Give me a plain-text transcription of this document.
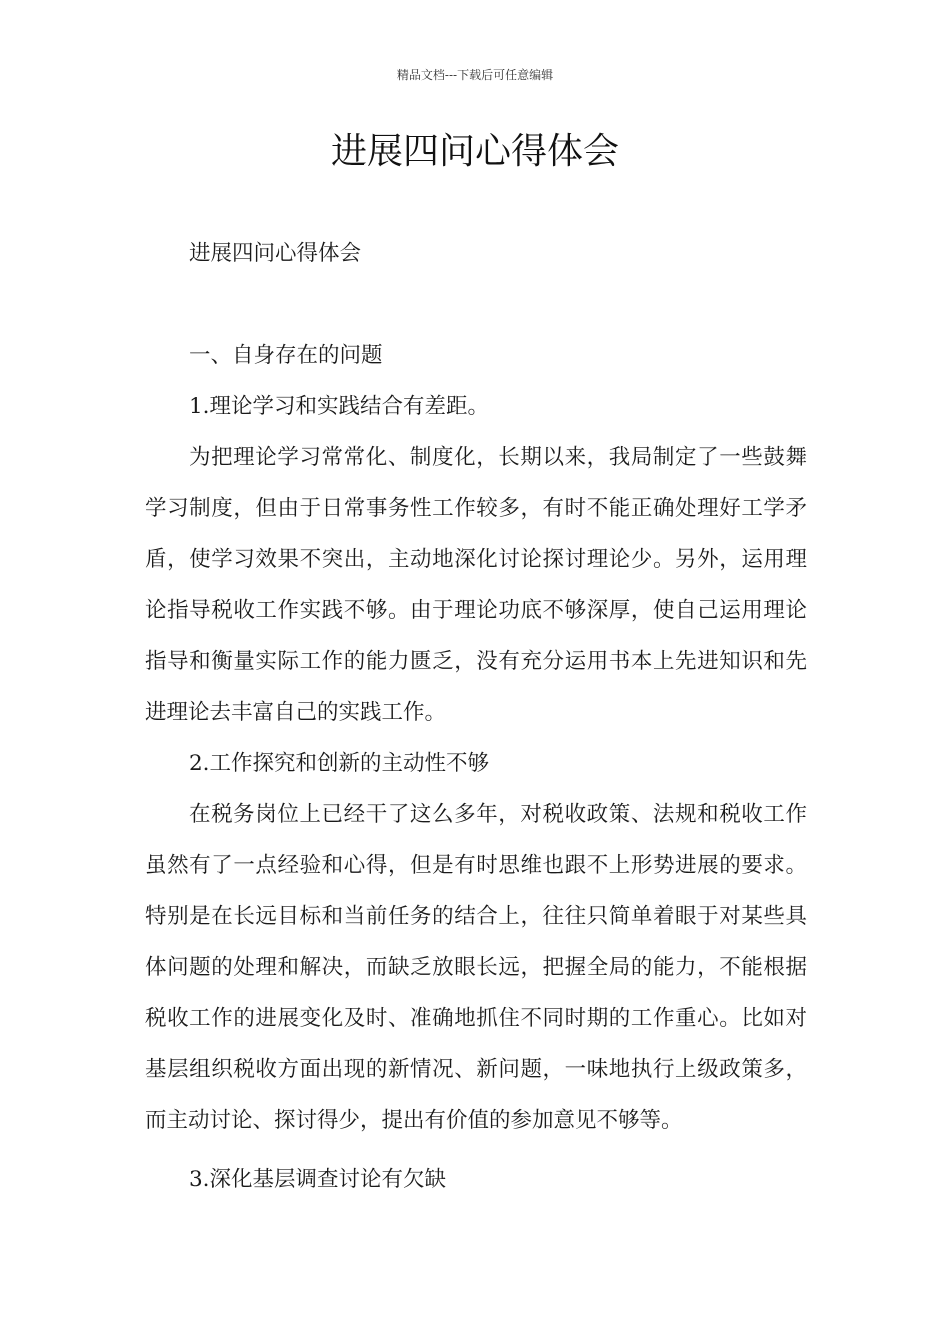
精品文档---下载后可任意编辑
进展四问心得体会

进展四问心得体会

一、自身存在的问题

1.理论学习和实践结合有差距。

为把理论学习常常化、制度化，长期以来，我局制定了一些鼓舞学习制度，但由于日常事务性工作较多，有时不能正确处理好工学矛盾，使学习效果不突出，主动地深化讨论探讨理论少。另外，运用理论指导税收工作实践不够。由于理论功底不够深厚，使自己运用理论指导和衡量实际工作的能力匮乏，没有充分运用书本上先进知识和先进理论去丰富自己的实践工作。

2.工作探究和创新的主动性不够

在税务岗位上已经干了这么多年，对税收政策、法规和税收工作虽然有了一点经验和心得，但是有时思维也跟不上形势进展的要求。特别是在长远目标和当前任务的结合上，往往只简单着眼于对某些具体问题的处理和解决，而缺乏放眼长远，把握全局的能力，不能根据税收工作的进展变化及时、准确地抓住不同时期的工作重心。比如对基层组织税收方面出现的新情况、新问题，一味地执行上级政策多，而主动讨论、探讨得少，提出有价值的参加意见不够等。

3.深化基层调查讨论有欠缺
